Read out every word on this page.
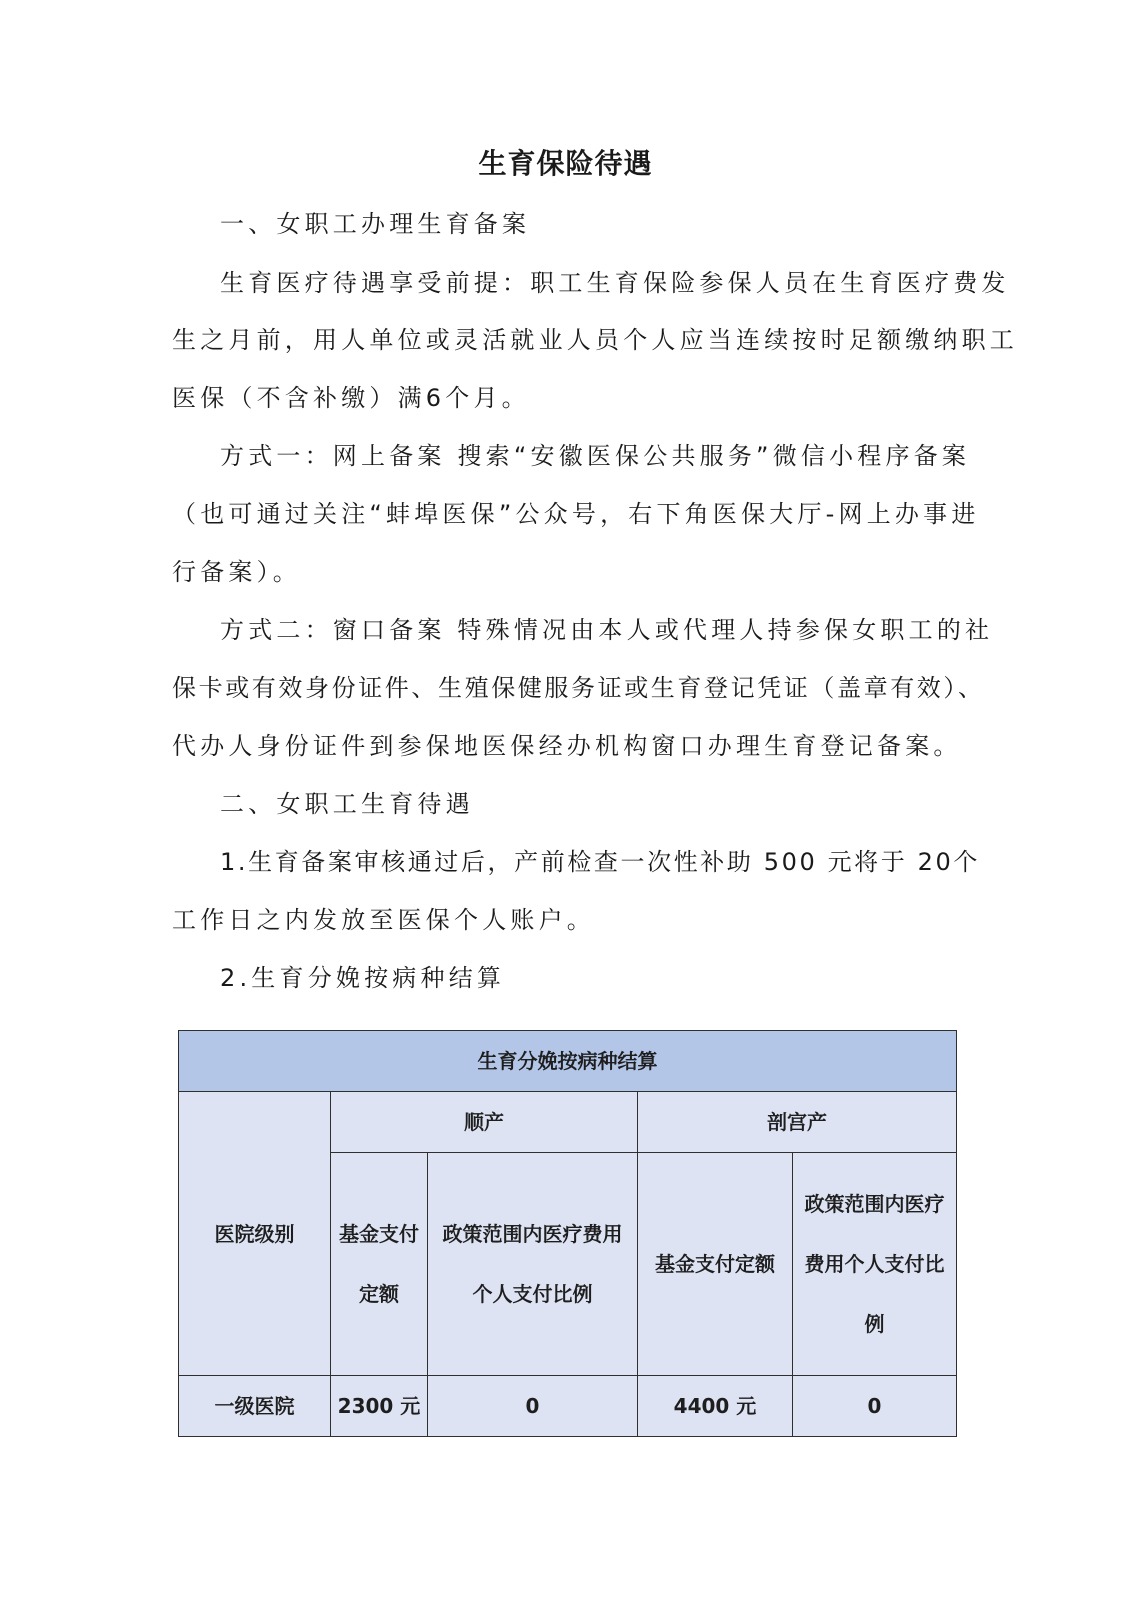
生育保险待遇
一、女职工办理生育备案
生育医疗待遇享受前提：职工生育保险参保人员在生育医疗费发
生之月前，用人单位或灵活就业人员个人应当连续按时足额缴纳职工
医保（不含补缴）满6个月。
方式一：网上备案 搜索“安徽医保公共服务”微信小程序备案
（也可通过关注“蚌埠医保”公众号，右下角医保大厅-网上办事进
行备案）。
方式二：窗口备案 特殊情况由本人或代理人持参保女职工的社
保卡或有效身份证件、生殖保健服务证或生育登记凭证（盖章有效）、
代办人身份证件到参保地医保经办机构窗口办理生育登记备案。
二、女职工生育待遇
1.生育备案审核通过后，产前检查一次性补助 500 元将于 20个
工作日之内发放至医保个人账户。
2.生育分娩按病种结算
生育分娩按病种结算				
医院级别	顺产		剖宫产	
	基金支付定额	政策范围内医疗费用个人支付比例	基金支付定额	政策范围内医疗费用个人支付比例
一级医院	2300 元	0	4400 元	0
